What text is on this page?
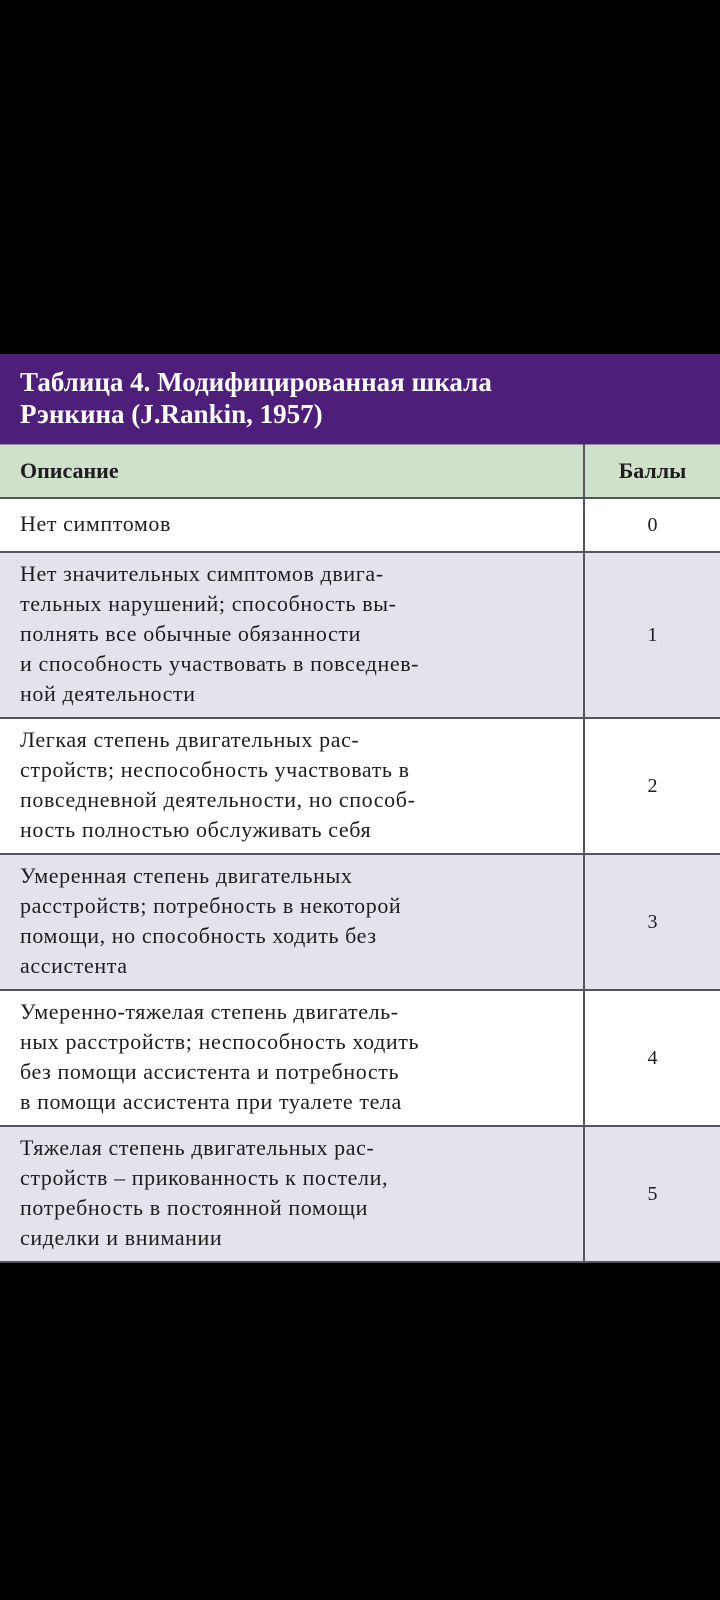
Таблица 4. Модифицированная шкала
Рэнкина (J.Rankin, 1957)
Описание	Баллы

Нет симптомов	0

Нет значительных симптомов двига-
тельных нарушений; способность вы-
полнять все обычные обязанности
и способность участвовать в повседнев-
ной деятельности	1

Легкая степень двигательных рас-
стройств; неспособность участвовать в
повседневной деятельности, но способ-
ность полностью обслуживать себя	2

Умеренная степень двигательных
расстройств; потребность в некоторой
помощи, но способность ходить без
ассистента	3

Умеренно-тяжелая степень двигатель-
ных расстройств; неспособность ходить
без помощи ассистента и потребность
в помощи ассистента при туалете тела	4

Тяжелая степень двигательных рас-
стройств – прикованность к постели,
потребность в постоянной помощи
сиделки и внимании	5
